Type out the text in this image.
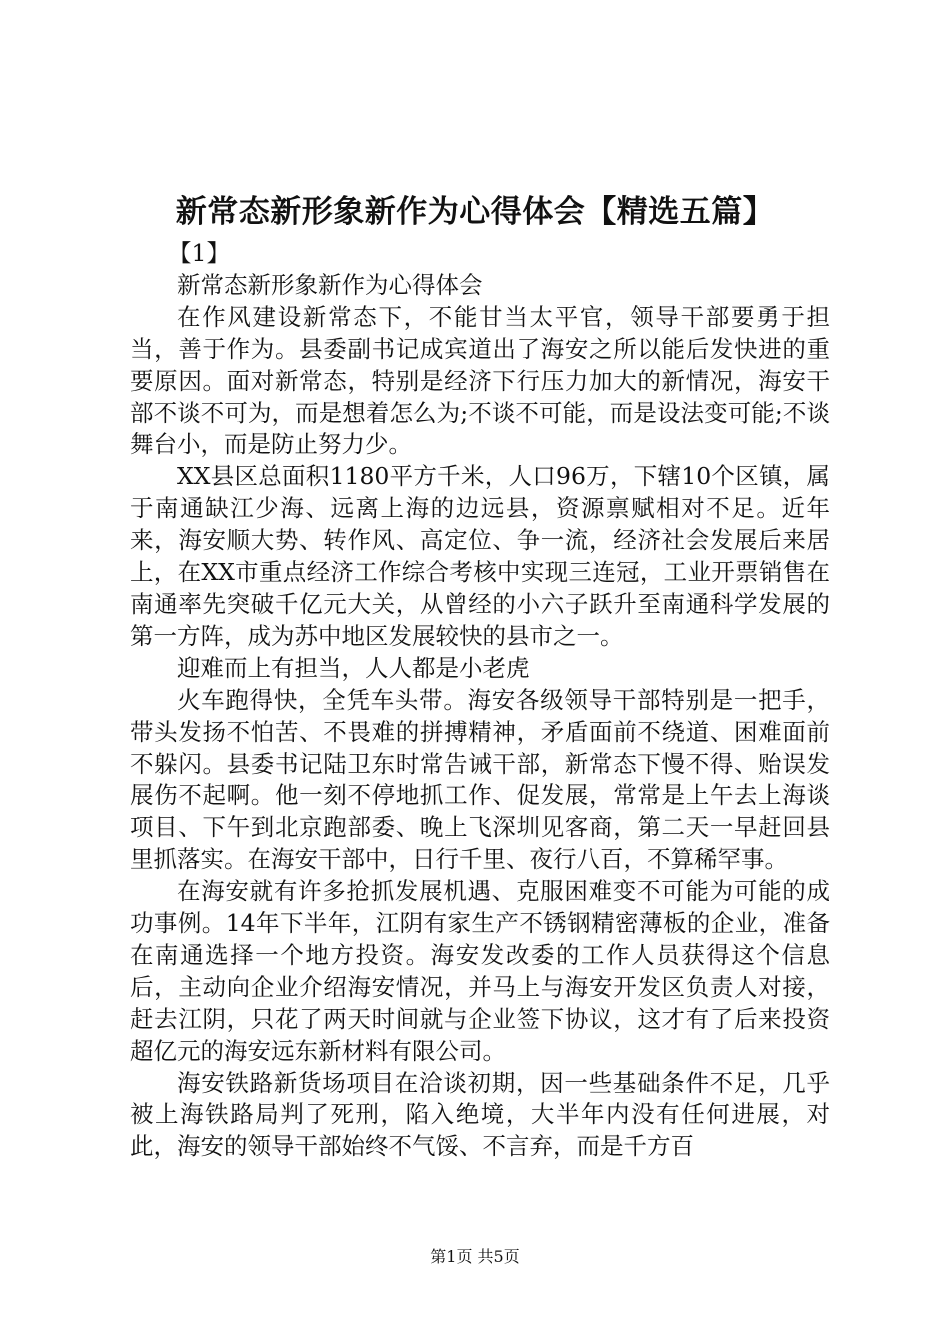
新常态新形象新作为心得体会【精选五篇】

【1】

新常态新形象新作为心得体会

在作风建设新常态下，不能甘当太平官，领导干部要勇于担当，善于作为。县委副书记成宾道出了海安之所以能后发快进的重要原因。面对新常态，特别是经济下行压力加大的新情况，海安干部不谈不可为，而是想着怎么为;不谈不可能，而是设法变可能;不谈舞台小，而是防止努力少。

XX县区总面积1180平方千米，人口96万，下辖10个区镇，属于南通缺江少海、远离上海的边远县，资源禀赋相对不足。近年来，海安顺大势、转作风、高定位、争一流，经济社会发展后来居上，在XX市重点经济工作综合考核中实现三连冠，工业开票销售在南通率先突破千亿元大关，从曾经的小六子跃升至南通科学发展的第一方阵，成为苏中地区发展较快的县市之一。

迎难而上有担当，人人都是小老虎

火车跑得快，全凭车头带。海安各级领导干部特别是一把手，带头发扬不怕苦、不畏难的拼搏精神，矛盾面前不绕道、困难面前不躲闪。县委书记陆卫东时常告诫干部，新常态下慢不得、贻误发展伤不起啊。他一刻不停地抓工作、促发展，常常是上午去上海谈项目、下午到北京跑部委、晚上飞深圳见客商，第二天一早赶回县里抓落实。在海安干部中，日行千里、夜行八百，不算稀罕事。

在海安就有许多抢抓发展机遇、克服困难变不可能为可能的成功事例。14年下半年，江阴有家生产不锈钢精密薄板的企业，准备在南通选择一个地方投资。海安发改委的工作人员获得这个信息后，主动向企业介绍海安情况，并马上与海安开发区负责人对接，赶去江阴，只花了两天时间就与企业签下协议，这才有了后来投资超亿元的海安远东新材料有限公司。

海安铁路新货场项目在洽谈初期，因一些基础条件不足，几乎被上海铁路局判了死刑，陷入绝境，大半年内没有任何进展，对此，海安的领导干部始终不气馁、不言弃，而是千方百

第1页 共5页
